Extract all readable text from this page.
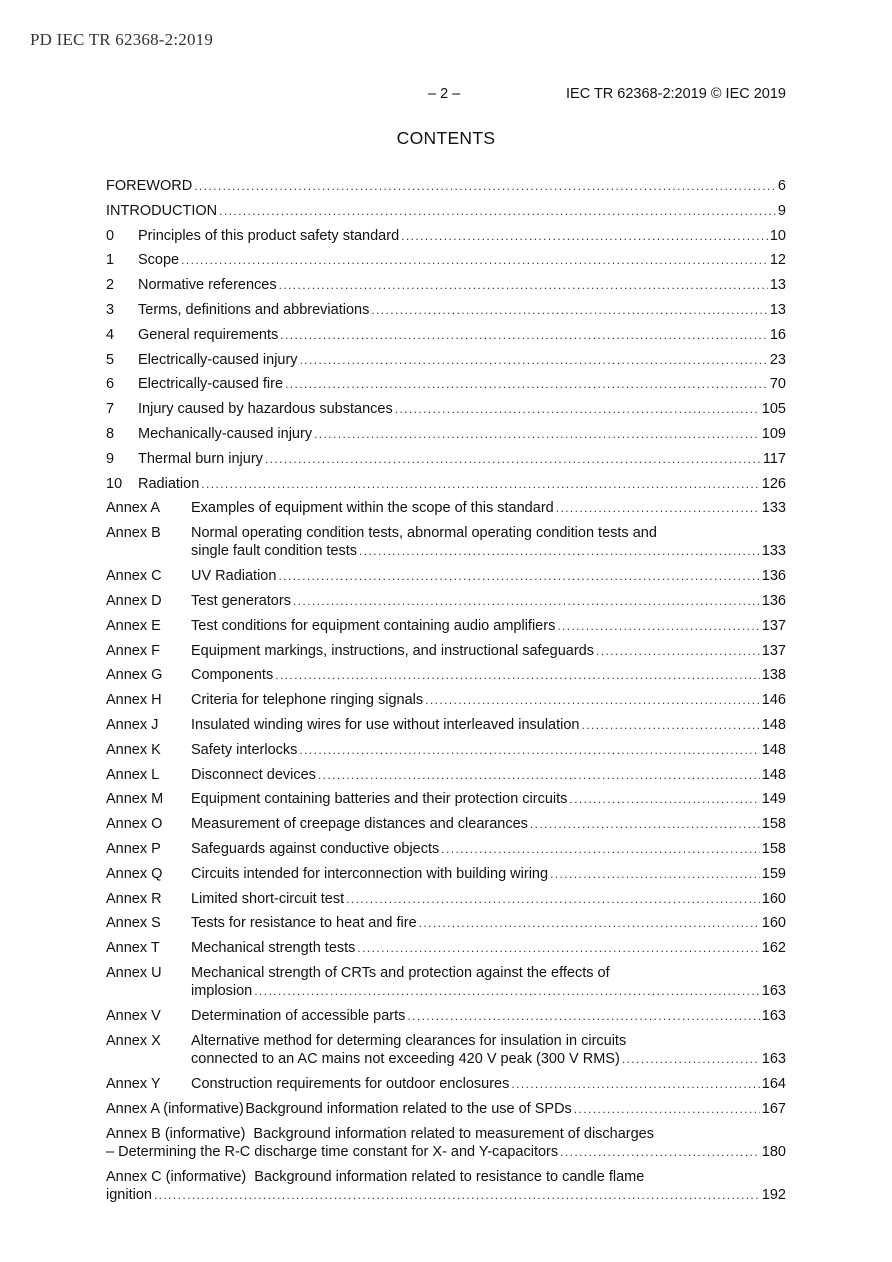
PD IEC TR 62368-2:2019
– 2 –	IEC TR 62368-2:2019 © IEC 2019
CONTENTS
FOREWORD .....	6
INTRODUCTION .....	9
0	Principles of this product safety standard .....	10
1	Scope .....	12
2	Normative references .....	13
3	Terms, definitions and abbreviations .....	13
4	General requirements .....	16
5	Electrically-caused injury .....	23
6	Electrically-caused fire .....	70
7	Injury caused by hazardous substances .....	105
8	Mechanically-caused injury .....	109
9	Thermal burn injury .....	117
10	Radiation .....	126
Annex A	Examples of equipment within the scope of this standard .....	133
Annex B Normal operating condition tests, abnormal operating condition tests and
single fault condition tests .....	133
Annex C	UV Radiation .....	136
Annex D	Test generators .....	136
Annex E	Test conditions for equipment containing audio amplifiers .....	137
Annex F	Equipment markings, instructions, and instructional safeguards .....	137
Annex G	Components .....	138
Annex H	Criteria for telephone ringing signals .....	146
Annex J	Insulated winding wires for use without interleaved insulation .....	148
Annex K	Safety interlocks .....	148
Annex L	Disconnect devices .....	148
Annex M	Equipment containing batteries and their protection circuits .....	149
Annex O	Measurement of creepage distances and clearances .....	158
Annex P	Safeguards against conductive objects .....	158
Annex Q	Circuits intended for interconnection with building wiring .....	159
Annex R	Limited short-circuit test .....	160
Annex S	Tests for resistance to heat and fire .....	160
Annex T	Mechanical strength tests .....	162
Annex U Mechanical strength of CRTs and protection against the effects of
implosion .....	163
Annex V	Determination of accessible parts .....	163
Annex X Alternative method for determing clearances for insulation in circuits
connected to an AC mains not exceeding 420 V peak (300 V RMS) .....	163
Annex Y	Construction requirements for outdoor enclosures .....	164
Annex A (informative) Background information related to the use of SPDs .....	167
Annex B (informative) Background information related to measurement of discharges
– Determining the R-C discharge time constant for X- and Y-capacitors .....	180
Annex C (informative) Background information related to resistance to candle flame
ignition .....	192
